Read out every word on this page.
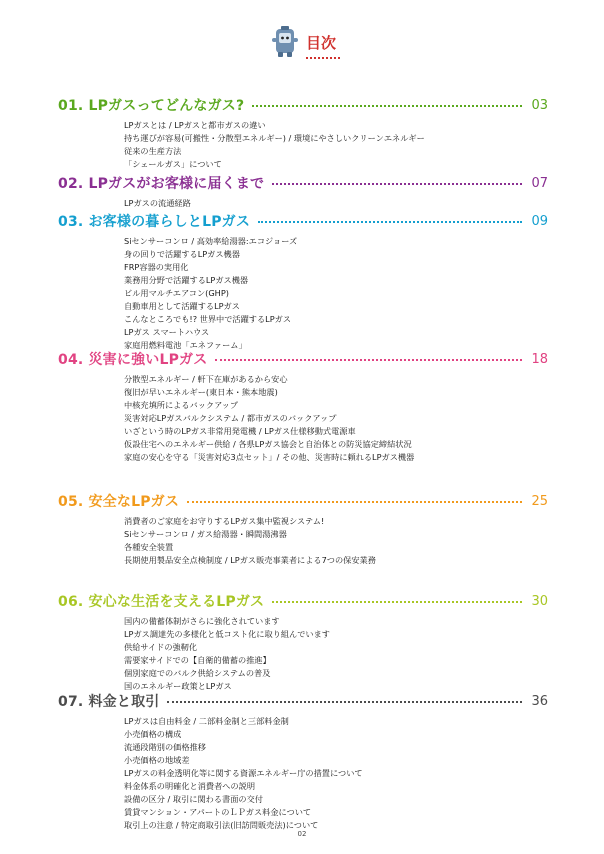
目次
01. LPガスってどんなガス?	03
LPガスとは / LPガスと都市ガスの違い
持ち運びが容易(可搬性・分散型エネルギー) / 環境にやさしいクリーンエネルギー
従来の生産方法
「シェールガス」について
02. LPガスがお客様に届くまで	07
LPガスの流通経路
03. お客様の暮らしとLPガス	09
Siセンサーコンロ / 高効率給湯器:エコジョーズ
身の回りで活躍するLPガス機器
FRP容器の実用化
業務用分野で活躍するLPガス機器
ビル用マルチエアコン(GHP)
自動車用として活躍するLPガス
こんなところでも!? 世界中で活躍するLPガス
LPガス スマートハウス
家庭用燃料電池「エネファーム」
04. 災害に強いLPガス	18
分散型エネルギー / 軒下在庫があるから安心
復旧が早いエネルギー(東日本・熊本地震)
中核充填所によるバックアップ
災害対応LPガスバルクシステム / 都市ガスのバックアップ
いざという時のLPガス非常用発電機 / LPガス仕様移動式電源車
仮設住宅へのエネルギー供給 / 各県LPガス協会と自治体との防災協定締結状況
家庭の安心を守る「災害対応3点セット」/ その他、災害時に頼れるLPガス機器
05. 安全なLPガス	25
消費者のご家庭をお守りするLPガス集中監視システム!
Siセンサーコンロ / ガス給湯器・瞬間湯沸器
各種安全装置
長期使用製品安全点検制度 / LPガス販売事業者による7つの保安業務
06. 安心な生活を支えるLPガス	30
国内の備蓄体制がさらに強化されています
LPガス調達先の多様化と低コスト化に取り組んでいます
供給サイドの強靭化
需要家サイドでの【自衛的備蓄の推進】
個別家庭でのバルク供給システムの普及
国のエネルギー政策とLPガス
07. 料金と取引	36
LPガスは自由料金 / 二部料金制と三部料金制
小売価格の構成
流通段階別の価格推移
小売価格の地域差
LPガスの料金透明化等に関する資源エネルギー庁の措置について
料金体系の明確化と消費者への説明
設備の区分 / 取引に関わる書面の交付
賃貸マンション・アパートのＬＰガス料金について
取引上の注意 / 特定商取引法(旧訪問販売法)について
02
